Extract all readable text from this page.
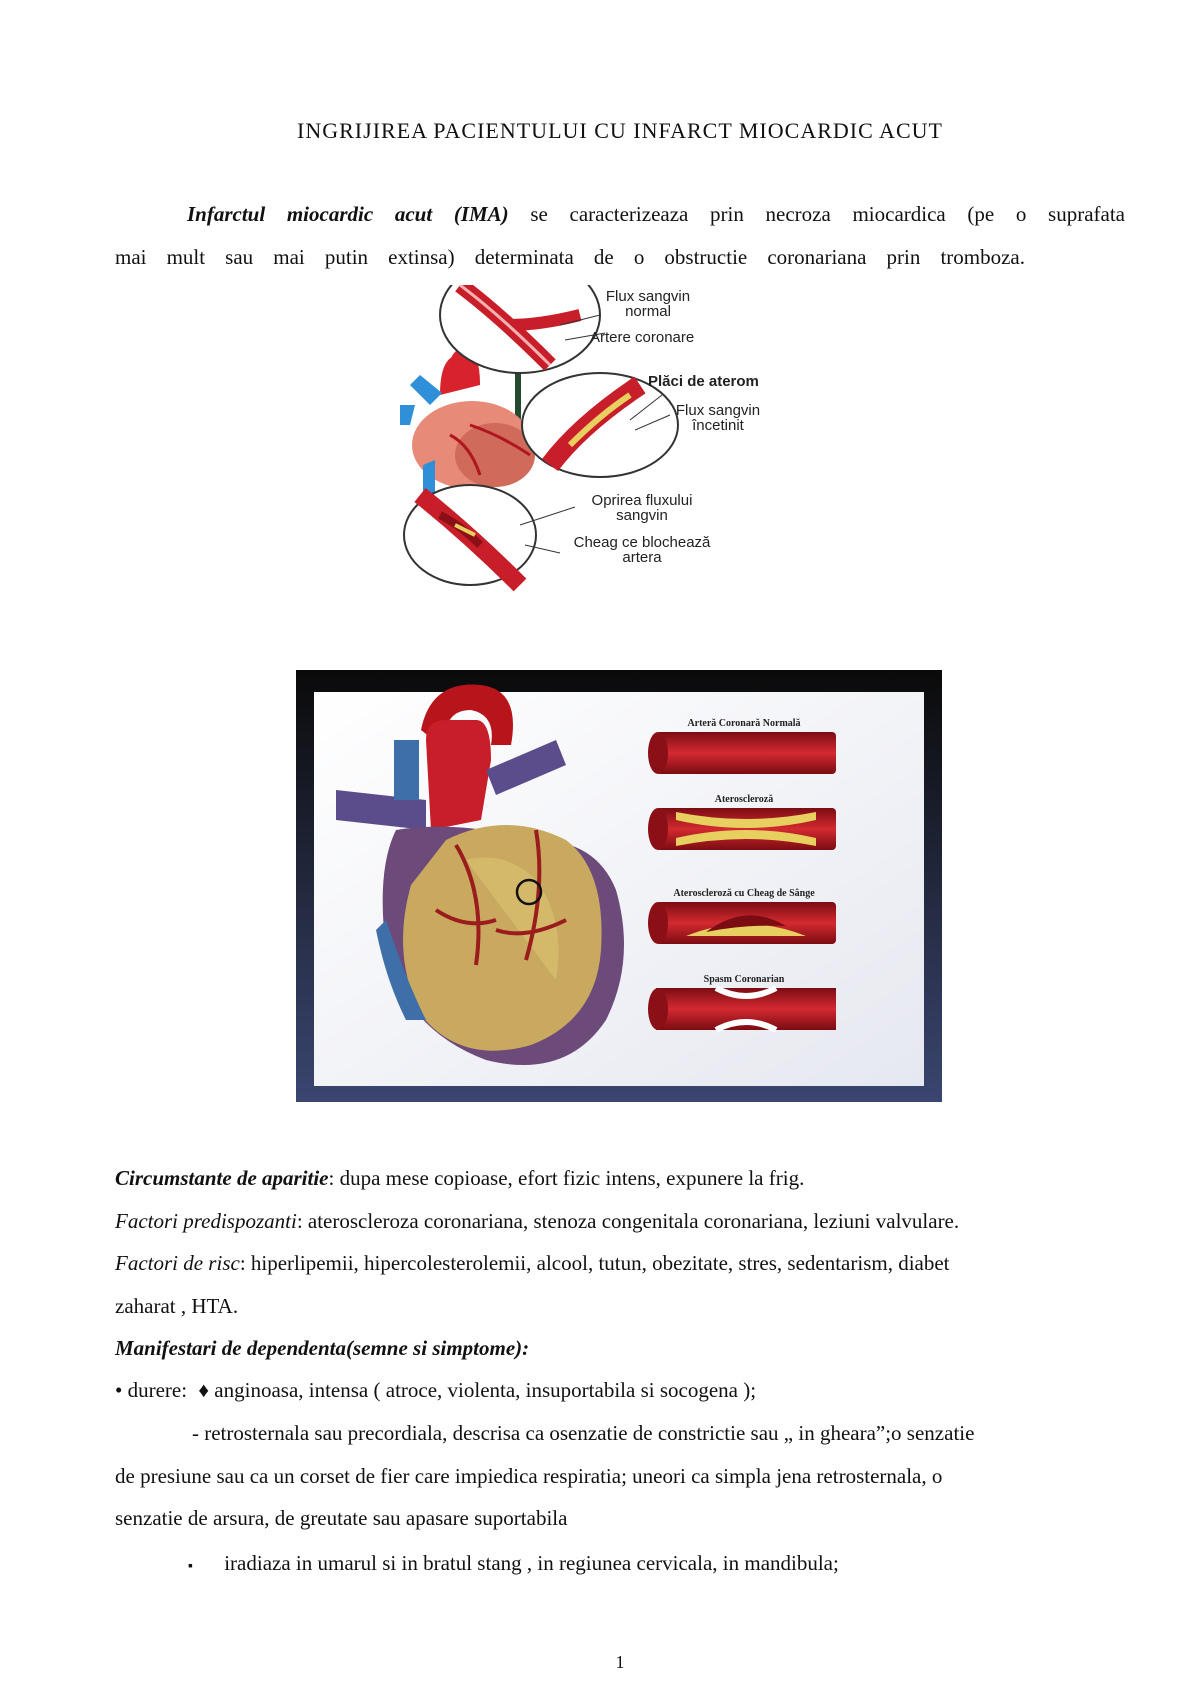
INGRIJIREA PACIENTULUI CU INFARCT MIOCARDIC ACUT
Infarctul miocardic acut (IMA) se caracterizeaza prin necroza miocardica (pe o suprafata
mai mult sau mai putin extinsa) determinata de o obstructie coronariana prin tromboza.
Flux sangvin
normal
Artere coronare
Plăci de aterom
Flux sangvin
încetinit
Oprirea fluxului
sangvin
Cheag ce blochează
artera
Arteră Coronară Normală
Ateroscleroză
Ateroscleroză cu Cheag de Sânge
Spasm Coronarian
Circumstante de aparitie: dupa mese copioase, efort fizic intens, expunere la frig.
Factori predispozanti: ateroscleroza coronariana, stenoza congenitala coronariana, leziuni valvulare.
Factori de risc: hiperlipemii, hipercolesterolemii, alcool, tutun, obezitate, stres, sedentarism, diabet
zaharat , HTA.
Manifestari de dependenta(semne si simptome):
• durere: ♦ anginoasa, intensa ( atroce, violenta, insuportabila si socogena );
- retrosternala sau precordiala, descrisa ca osenzatie de constrictie sau „ in gheara”;o senzatie
de presiune sau ca un corset de fier care impiedica respiratia; uneori ca simpla jena retrosternala, o
senzatie de arsura, de greutate sau apasare suportabila
▪ iradiaza in umarul si in bratul stang , in regiunea cervicala, in mandibula;
1
